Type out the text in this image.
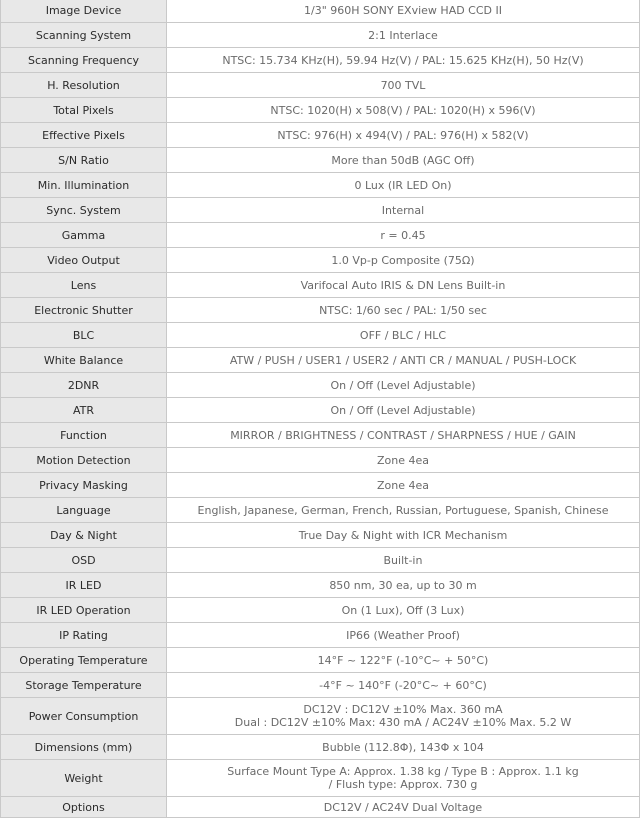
Image Device	1/3" 960H SONY EXview HAD CCD II

Scanning System	2:1 Interlace

Scanning Frequency	NTSC: 15.734 KHz(H), 59.94 Hz(V) / PAL: 15.625 KHz(H), 50 Hz(V)

H. Resolution	700 TVL

Total Pixels	NTSC: 1020(H) x 508(V) / PAL: 1020(H) x 596(V)

Effective Pixels	NTSC: 976(H) x 494(V) / PAL: 976(H) x 582(V)

S/N Ratio	More than 50dB (AGC Off)

Min. Illumination	0 Lux (IR LED On)

Sync. System	Internal

Gamma	r = 0.45

Video Output	1.0 Vp-p Composite (75Ω)

Lens	Varifocal Auto IRIS & DN Lens Built-in

Electronic Shutter	NTSC: 1/60 sec / PAL: 1/50 sec

BLC	OFF / BLC / HLC

White Balance	ATW / PUSH / USER1 / USER2 / ANTI CR / MANUAL / PUSH-LOCK

2DNR	On / Off (Level Adjustable)

ATR	On / Off (Level Adjustable)

Function	MIRROR / BRIGHTNESS / CONTRAST / SHARPNESS / HUE / GAIN

Motion Detection	Zone 4ea

Privacy Masking	Zone 4ea

Language	English, Japanese, German, French, Russian, Portuguese, Spanish, Chinese

Day & Night	True Day & Night with ICR Mechanism

OSD	Built-in

IR LED	850 nm, 30 ea, up to 30 m

IR LED Operation	On (1 Lux), Off (3 Lux)

IP Rating	IP66 (Weather Proof)

Operating Temperature	14°F ~ 122°F (-10°C~ + 50°C)

Storage Temperature	-4°F ~ 140°F (-20°C~ + 60°C)

Power Consumption	DC12V : DC12V ±10% Max. 360 mA
Dual : DC12V ±10% Max: 430 mA / AC24V ±10% Max. 5.2 W

Dimensions (mm)	Bubble (112.8Φ), 143Φ x 104

Weight	Surface Mount Type A: Approx. 1.38 kg / Type B : Approx. 1.1 kg
/ Flush type: Approx. 730 g

Options	DC12V / AC24V Dual Voltage
